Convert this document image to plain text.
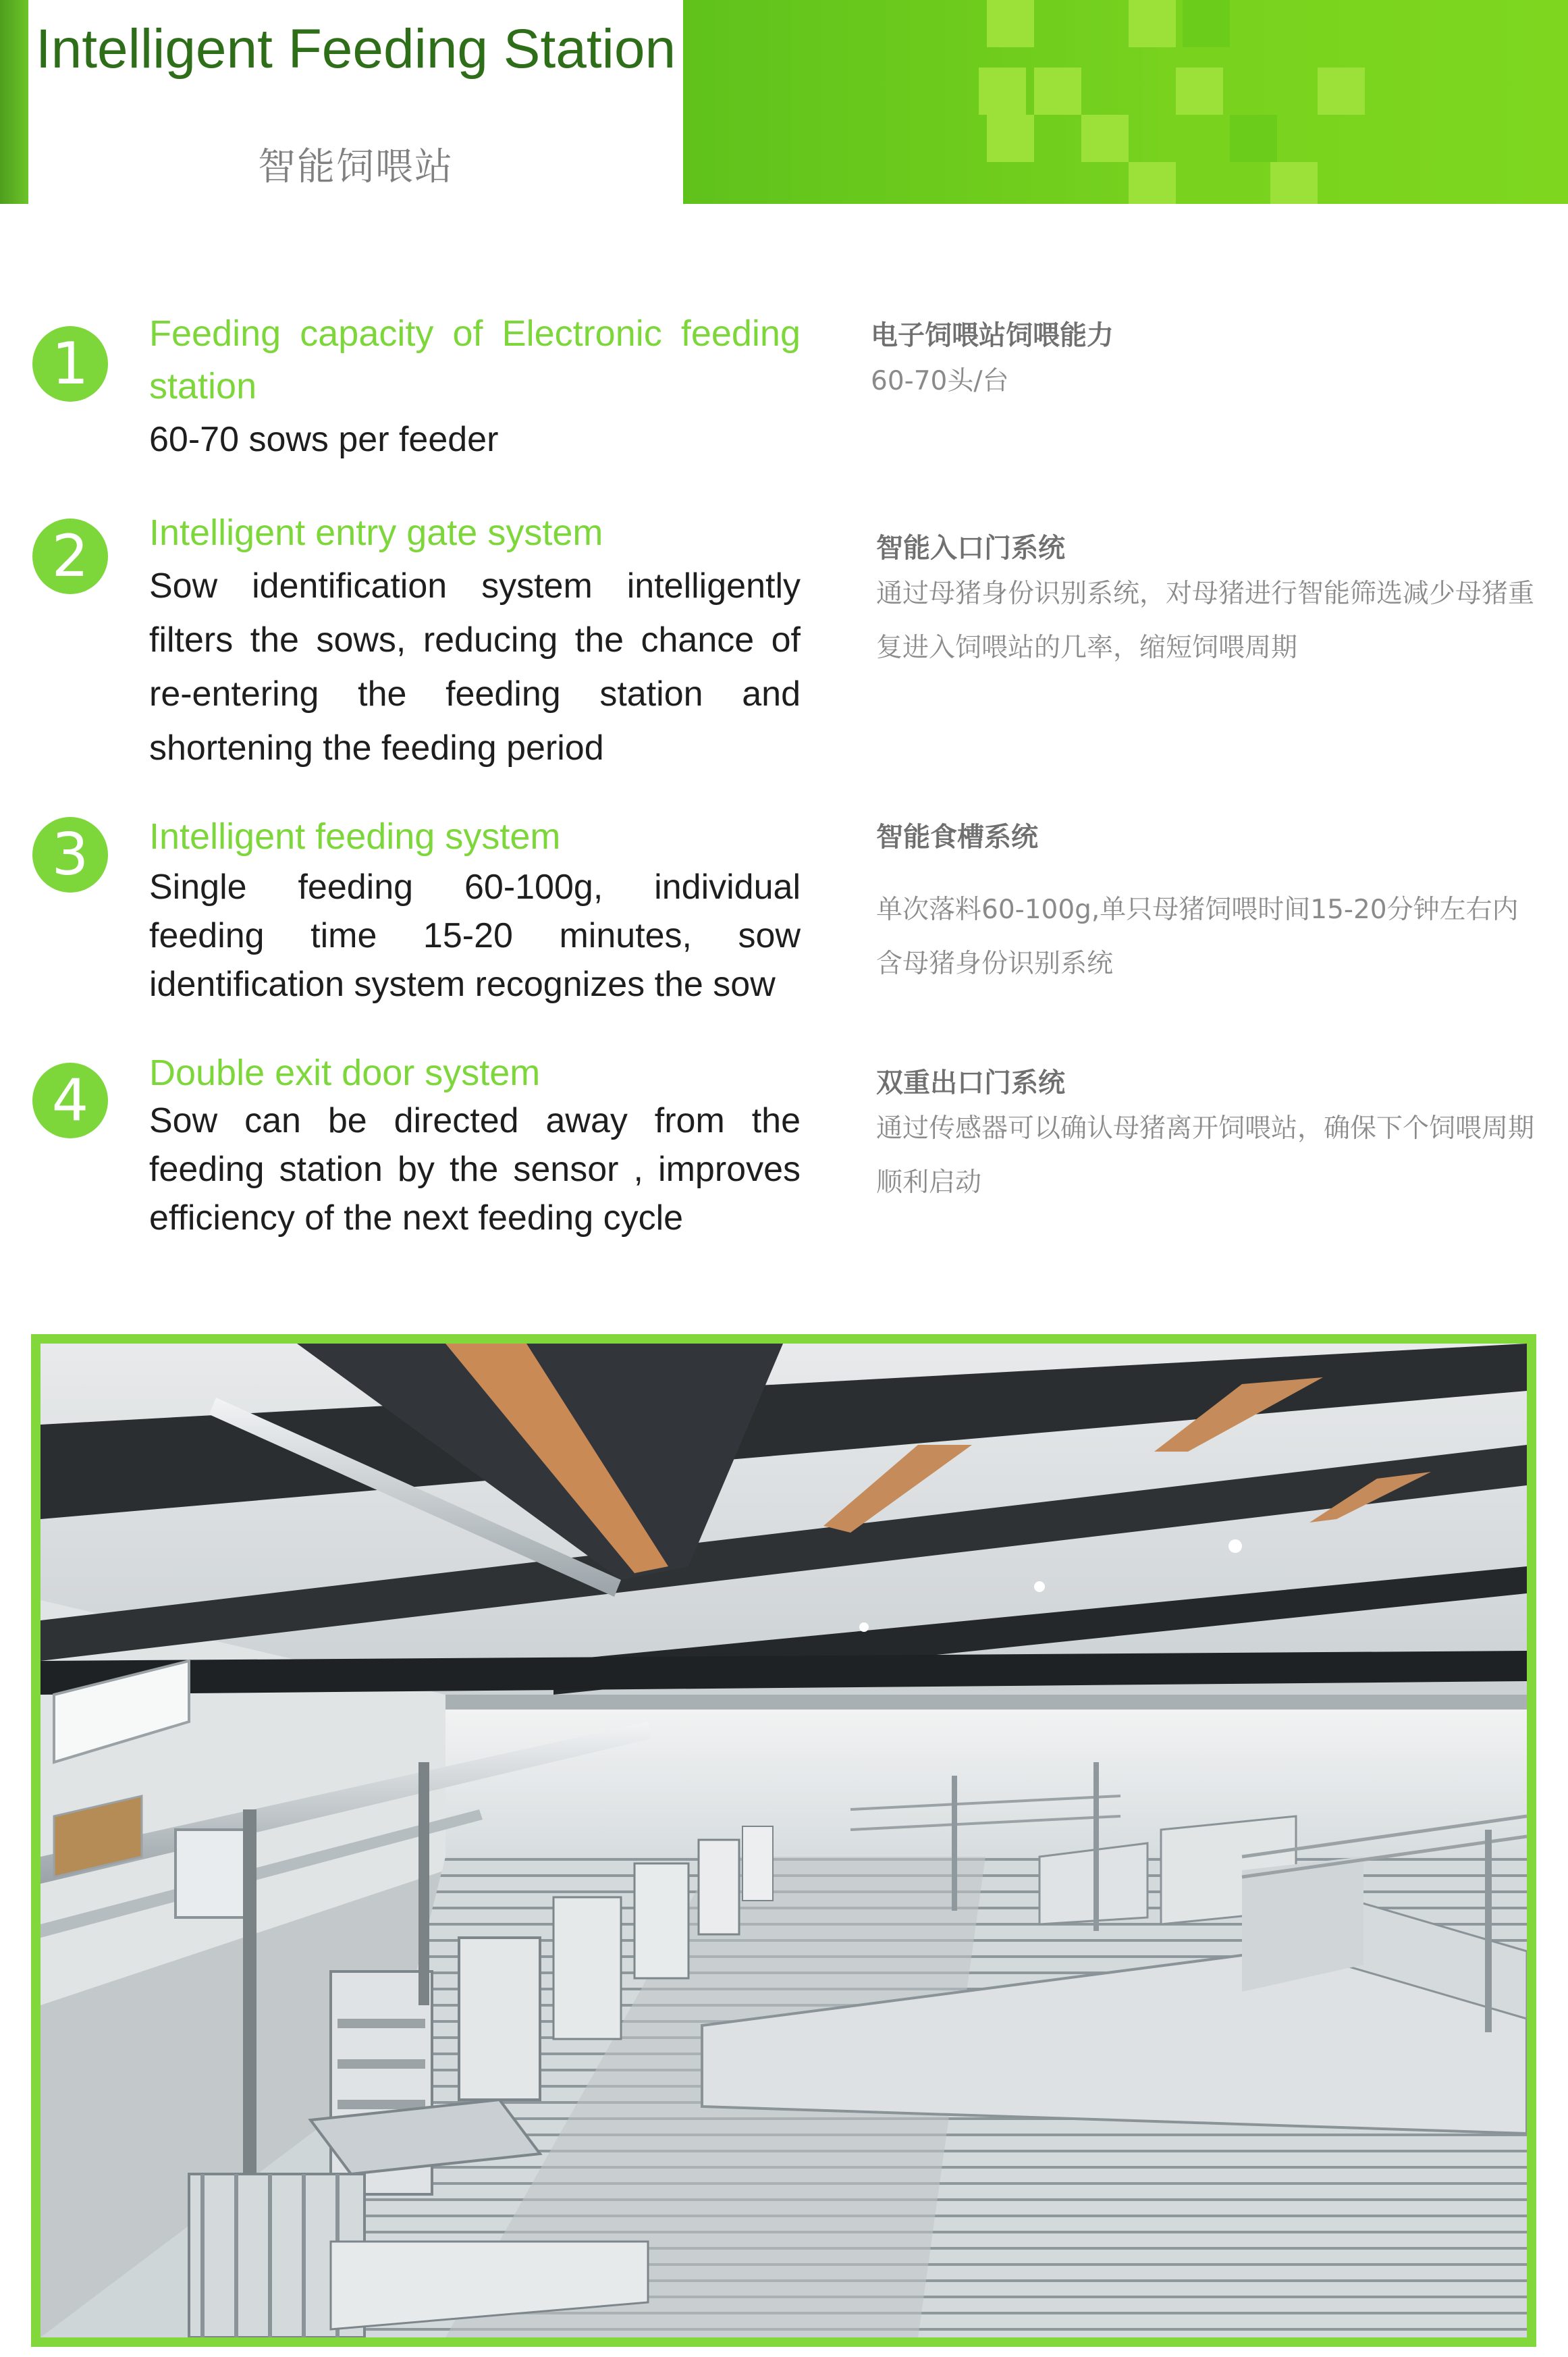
Intelligent Feeding Station
智能饲喂站
1	Feeding capacity of Electronic feeding station

60-70 sows per feeder

电子饲喂站饲喂能力

60-70头/台

2	Intelligent entry gate system

Sow identification system intelligently filters the sows, reducing the chance of re-entering the feeding station and shortening the feeding period

智能入口门系统

通过母猪身份识别系统，对母猪进行智能筛选减少母猪重复进入饲喂站的几率，缩短饲喂周期

3	Intelligent feeding system

Single feeding 60-100g, individual feeding time 15-20 minutes, sow identification system recognizes the sow

智能食槽系统

单次落料60-100g,单只母猪饲喂时间15-20分钟左右内含母猪身份识别系统

4	Double exit door system

Sow can be directed away from the feeding station by the sensor , improves efficiency of the next feeding cycle

双重出口门系统

通过传感器可以确认母猪离开饲喂站，确保下个饲喂周期顺利启动
